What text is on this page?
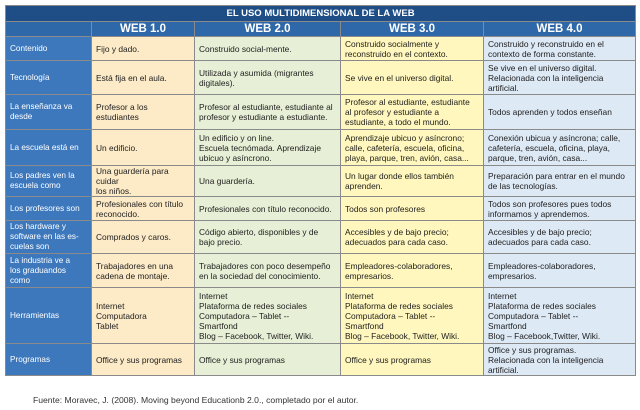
EL USO MULTIDIMENSIONAL DE LA WEB				
	WEB 1.0	WEB 2.0	WEB 3.0	WEB 4.0
Contenido	Fijo y dado.	Construido social-mente.	Construido socialmente y
reconstruido en el contexto.	Construido y reconstruido en el
contexto de forma constante.
Tecnología	Está fija en el aula.	Utilizada y asumida (migrantes
digitales).	Se vive en el universo digital.	Se vive en el universo digital.
Relacionada con la inteligencia
artificial.
La enseñanza va
desde	Profesor a los estudiantes	Profesor al estudiante, estudiante al
profesor y estudiante a estudiante.	Profesor al estudiante, estudiante
al profesor y estudiante a
estudiante, a todo el mundo.	Todos aprenden y todos enseñan
La escuela está en	Un edificio.	Un edificio y on line.
Escuela tecnómada. Aprendizaje
ubicuo y asíncrono.	Aprendizaje ubicuo y asíncrono;
calle, cafetería, escuela, oficina,
playa, parque, tren, avión, casa...	Conexión ubicua y asíncrona; calle,
cafetería, escuela, oficina, playa,
parque, tren, avión, casa...
Los padres ven la
escuela como	Una guardería para cuidar
los niños.	Una guardería.	Un lugar donde ellos también
aprenden.	Preparación para entrar en el mundo
de las tecnologías.
Los profesores son	Profesionales con título
reconocido.	Profesionales con título reconocido.	Todos son profesores	Todos son profesores pues todos
informamos y aprendemos.
Los hardware y
software en las es-
cuelas son	Comprados y caros.	Código abierto, disponibles y de
bajo precio.	Accesibles y de bajo precio;
adecuados para cada caso.	Accesibles y de bajo precio;
adecuados para cada caso.
La industria ve a
los graduandos
como	Trabajadores en una
cadena de montaje.	Trabajadores con poco desempeño
en la sociedad del conocimiento.	Empleadores-colaboradores,
empresarios.	Empleadores-colaboradores,
empresarios.
Herramientas	Internet
Computadora
Tablet	Internet
Plataforma de redes sociales
Computadora – Tablet --
Smartfond
Blog – Facebook, Twitter, Wiki.	Internet
Plataforma de redes sociales
Computadora – Tablet --
Smartfond
Blog – Facebook, Twitter, Wiki.	Internet
Plataforma de redes sociales
Computadora – Tablet --
Smartfond
Blog – Facebook,Twitter, Wiki.
Programas	Office y sus programas	Office y sus programas	Office y sus programas	Office y sus programas.
Relacionada con la inteligencia
artificial.
Fuente: Moravec, J. (2008). Moving beyond Educationb 2.0., completado por el autor.
